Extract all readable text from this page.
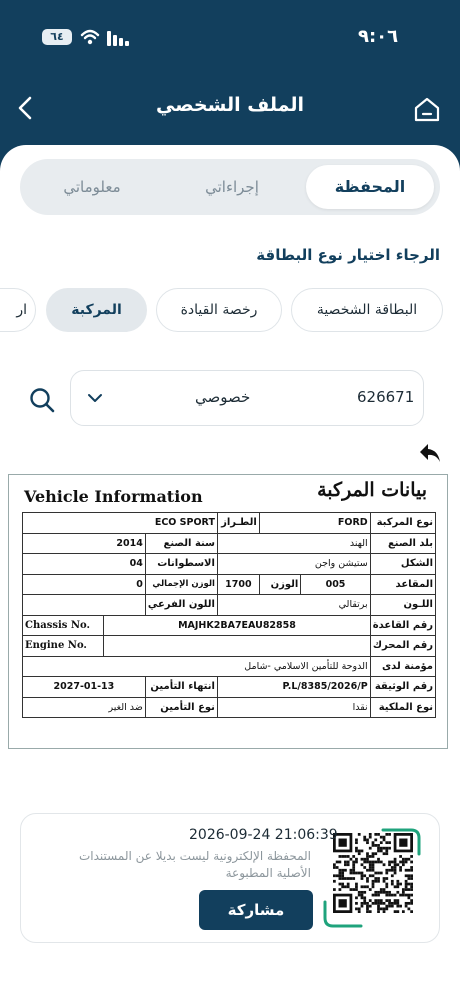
٦٤	٩:٠٦
الملف الشخصي
المحفظة
إجراءاتي
معلوماتي
الرجاء اختيار نوع البطاقة
البطاقة الشخصية
رخصة القيادة
المركبة
ار
خصوصي	626671
Vehicle Information	بيانات المركبة
ECO SPORT			الطـراز	FORD		نوع المركبة
2014		سنة الصنع	الهند			بلد الصنع
04		الاسطوانات	ستيشن واجن			الشكل
0		الوزن الإجمالي	1700	الوزن	005	المقاعد
		اللون الفرعي	برتقالي			اللـون
Chassis No.	MAJHK2BA7EAU82858					رقم القاعدة
Engine No.						رقم المحرك
الدوحة للتأمين الاسلامي -شامل						مؤمنة لدى
2027-01-13		انتهاء التأمين	P.L/8385/2026/P			رقم الوثيقة
ضد الغير		نوع التأمين	نقدا			نوع الملكية
2026-09-24 21:06:39
المحفظة الإلكترونية ليست بديلا عن المستندات الأصلية المطبوعة
مشاركة
